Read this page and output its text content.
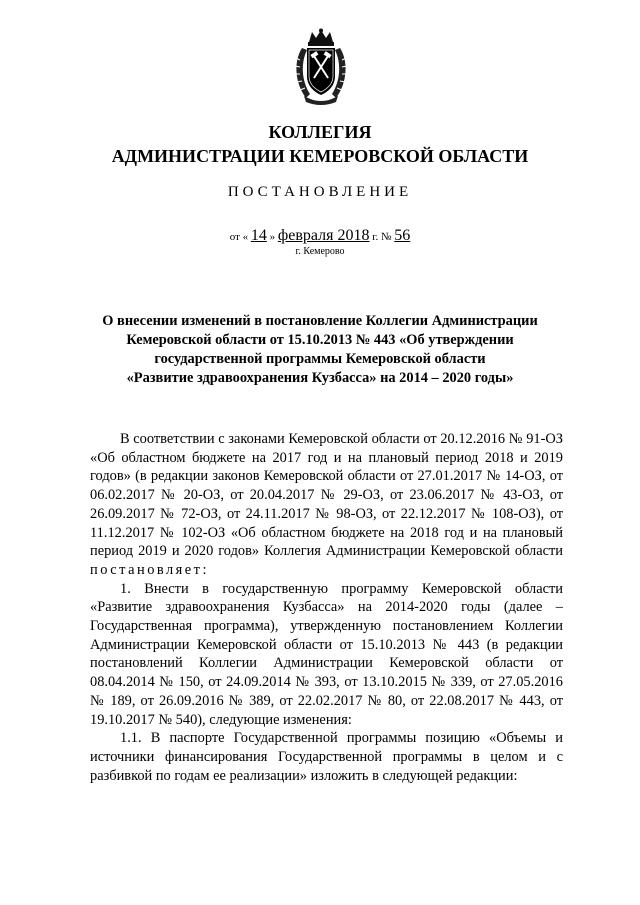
КОЛЛЕГИЯ
АДМИНИСТРАЦИИ КЕМЕРОВСКОЙ ОБЛАСТИ
ПОСТАНОВЛЕНИЕ
от « 14 » февраля 2018 г. № 56
г. Кемерово
О внесении изменений в постановление Коллегии Администрации
Кемеровской области от 15.10.2013 № 443 «Об утверждении
государственной программы Кемеровской области
«Развитие здравоохранения Кузбасса» на 2014 – 2020 годы»

В соответствии с законами Кемеровской области от 20.12.2016 № 91-ОЗ «Об областном бюджете на 2017 год и на плановый период 2018 и 2019 годов» (в редакции законов Кемеровской области от 27.01.2017 № 14-ОЗ, от 06.02.2017 № 20-ОЗ, от 20.04.2017 № 29-ОЗ, от 23.06.2017 № 43-ОЗ, от 26.09.2017 № 72-ОЗ, от 24.11.2017 № 98-ОЗ, от 22.12.2017 № 108-ОЗ), от 11.12.2017 № 102-ОЗ «Об областном бюджете на 2018 год и на плановый период 2019 и 2020 годов» Коллегия Администрации Кемеровской области постановляет:

1. Внести в государственную программу Кемеровской области «Развитие здравоохранения Кузбасса» на 2014-2020 годы (далее – Государственная программа), утвержденную постановлением Коллегии Администрации Кемеровской области от 15.10.2013 № 443 (в редакции постановлений Коллегии Администрации Кемеровской области от 08.04.2014 № 150, от 24.09.2014 № 393, от 13.10.2015 № 339, от 27.05.2016 № 189, от 26.09.2016 № 389, от 22.02.2017 № 80, от 22.08.2017 № 443, от 19.10.2017 № 540), следующие изменения:

1.1. В паспорте Государственной программы позицию «Объемы и источники финансирования Государственной программы в целом и с разбивкой по годам ее реализации» изложить в следующей редакции:
